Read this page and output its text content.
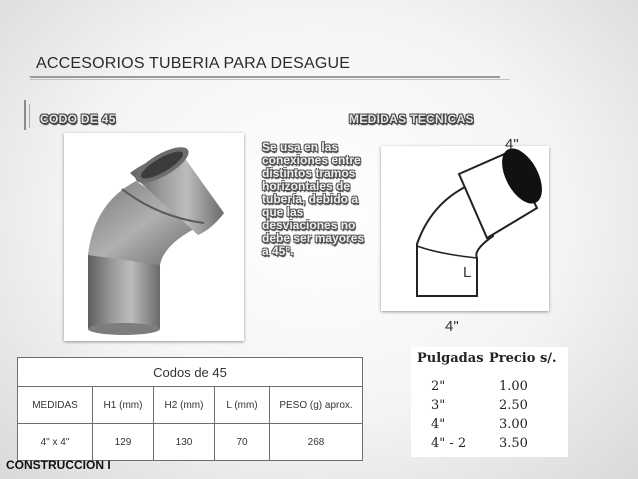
ACCESORIOS TUBERIA PARA DESAGUE
CODO DE 45	MEDIDAS TECNICAS
Se usa en las conexiones entre distintos tramos horizontales de tubería, debido a que las desviaciones no debe ser mayores a 45°.
4"
L
4"
Codos de 45				
MEDIDAS	H1 (mm)	H2 (mm)	L (mm)	PESO (g) aprox.
4" x 4"	129	130	70	268
Pulgadas Precio s/.
2"	1.00
3"	2.50
4"	3.00
4" - 2	3.50
CONSTRUCCION I
